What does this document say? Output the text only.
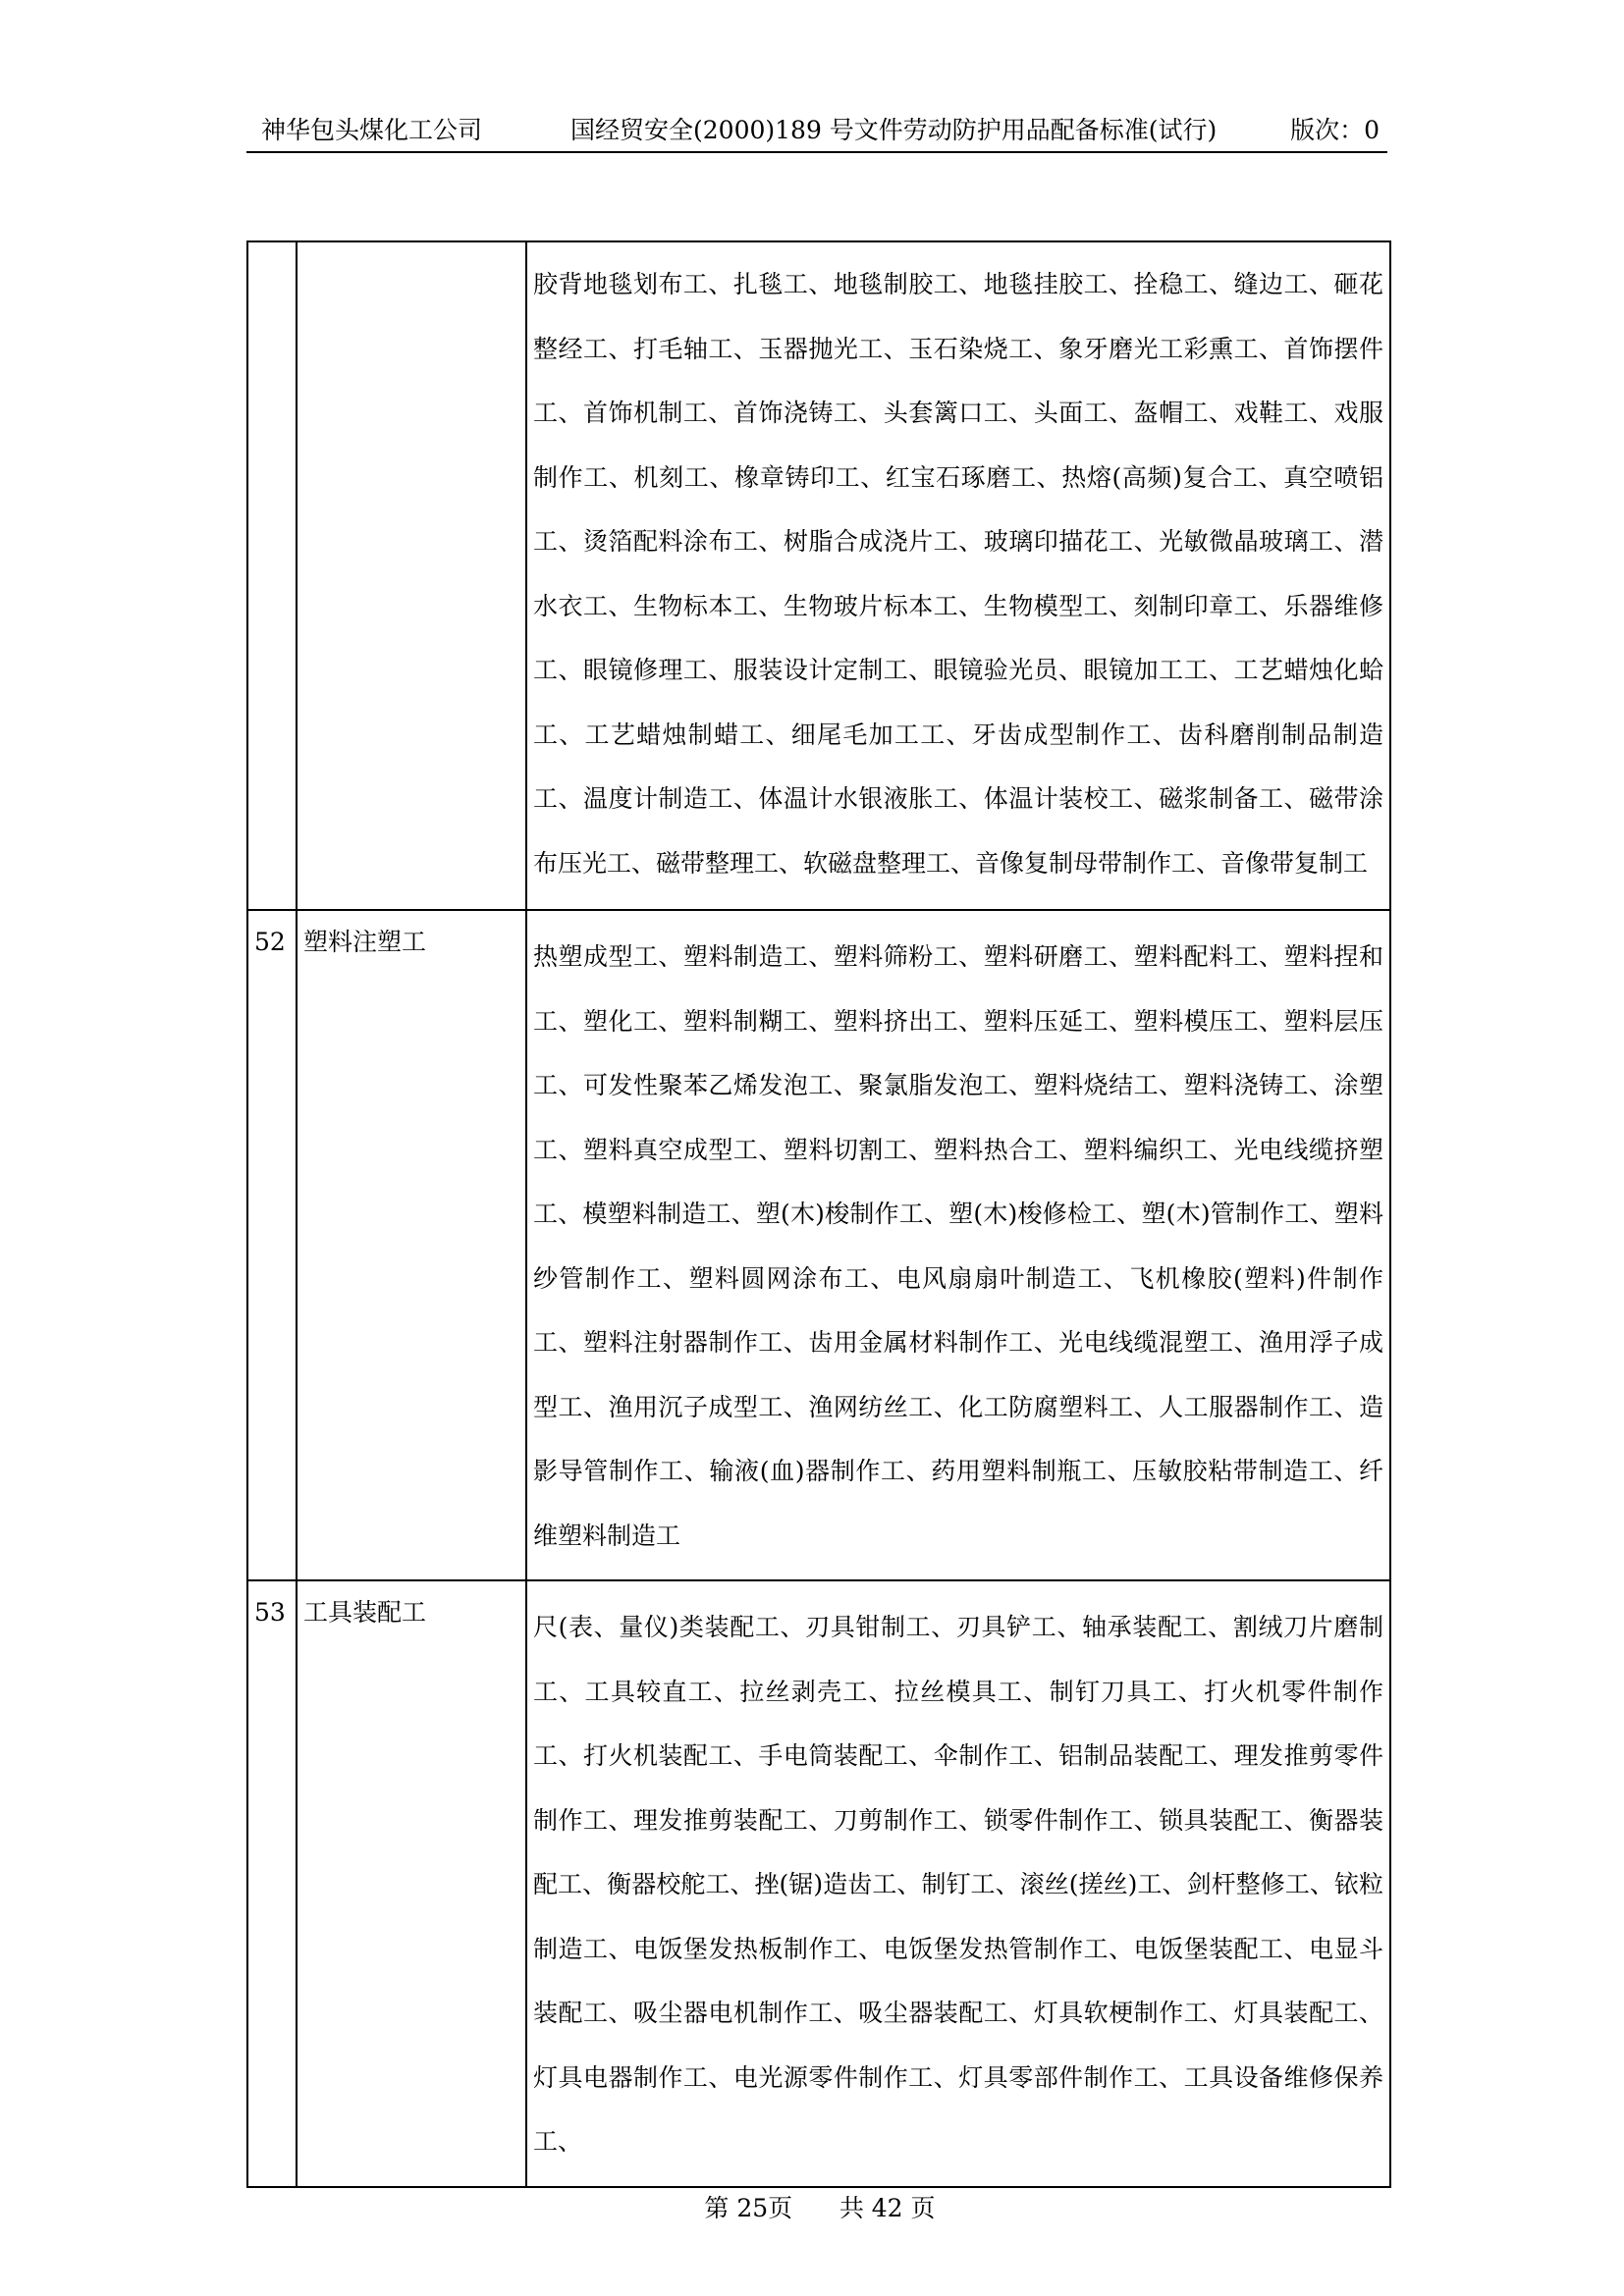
神华包头煤化工公司	国经贸安全(2000)189 号文件劳动防护用品配备标准(试行)	版次：0

		胶背地毯划布工、扎毯工、地毯制胶工、地毯挂胶工、拴稳工、缝边工、砸花整经工、打毛轴工、玉器抛光工、玉石染烧工、象牙磨光工彩熏工、首饰摆件工、首饰机制工、首饰浇铸工、头套篱口工、头面工、盔帽工、戏鞋工、戏服制作工、机刻工、橡章铸印工、红宝石琢磨工、热熔(高频)复合工、真空喷铝工、烫箔配料涂布工、树脂合成浇片工、玻璃印描花工、光敏微晶玻璃工、潜水衣工、生物标本工、生物玻片标本工、生物模型工、刻制印章工、乐器维修工、眼镜修理工、服装设计定制工、眼镜验光员、眼镜加工工、工艺蜡烛化蛤工、工艺蜡烛制蜡工、细尾毛加工工、牙齿成型制作工、齿科磨削制品制造工、温度计制造工、体温计水银液胀工、体温计装校工、磁浆制备工、磁带涂布压光工、磁带整理工、软磁盘整理工、音像复制母带制作工、音像带复制工

52	塑料注塑工	热塑成型工、塑料制造工、塑料筛粉工、塑料研磨工、塑料配料工、塑料捏和工、塑化工、塑料制糊工、塑料挤出工、塑料压延工、塑料模压工、塑料层压工、可发性聚苯乙烯发泡工、聚氯脂发泡工、塑料烧结工、塑料浇铸工、涂塑工、塑料真空成型工、塑料切割工、塑料热合工、塑料编织工、光电线缆挤塑工、模塑料制造工、塑(木)梭制作工、塑(木)梭修检工、塑(木)管制作工、塑料纱管制作工、塑料圆网涂布工、电风扇扇叶制造工、飞机橡胶(塑料)件制作工、塑料注射器制作工、齿用金属材料制作工、光电线缆混塑工、渔用浮子成型工、渔用沉子成型工、渔网纺丝工、化工防腐塑料工、人工服器制作工、造影导管制作工、输液(血)器制作工、药用塑料制瓶工、压敏胶粘带制造工、纤维塑料制造工

53	工具装配工	尺(表、量仪)类装配工、刃具钳制工、刃具铲工、轴承装配工、割绒刀片磨制工、工具较直工、拉丝剥壳工、拉丝模具工、制钉刀具工、打火机零件制作工、打火机装配工、手电筒装配工、伞制作工、铝制品装配工、理发推剪零件制作工、理发推剪装配工、刀剪制作工、锁零件制作工、锁具装配工、衡器装配工、衡器校舵工、挫(锯)造齿工、制钉工、滚丝(搓丝)工、剑杆整修工、铱粒制造工、电饭堡发热板制作工、电饭堡发热管制作工、电饭堡装配工、电显斗装配工、吸尘器电机制作工、吸尘器装配工、灯具软梗制作工、灯具装配工、灯具电器制作工、电光源零件制作工、灯具零部件制作工、工具设备维修保养工、

第 25页      共 42 页
